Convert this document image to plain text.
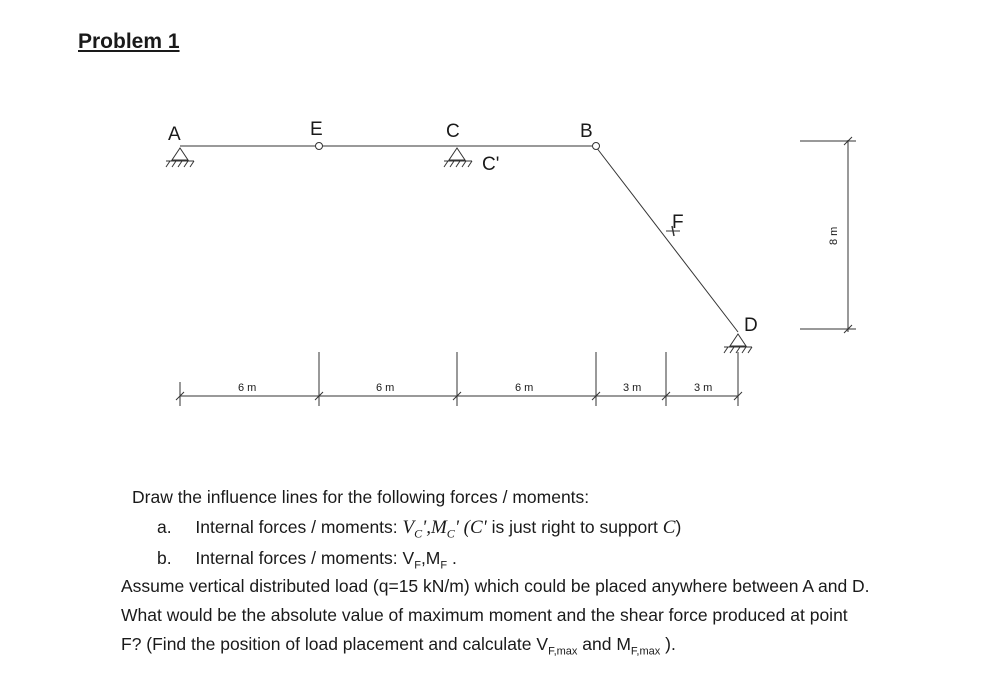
Problem 1
A	E	C
C'
B
F
D
6 m	6 m	6 m	3 m	3 m
8 m
Draw the influence lines for the following forces / moments:
a. Internal forces / moments: $V_C',M_C'$ (C' is just right to support C)
b. Internal forces / moments: $V_F,M_F$ .
Assume vertical distributed load (q=15 kN/m) which could be placed anywhere between A and D.
What would be the absolute value of maximum moment and the shear force produced at point
F? (Find the position of load placement and calculate $V_{F,max}$ and $M_{F,max}$ ).
